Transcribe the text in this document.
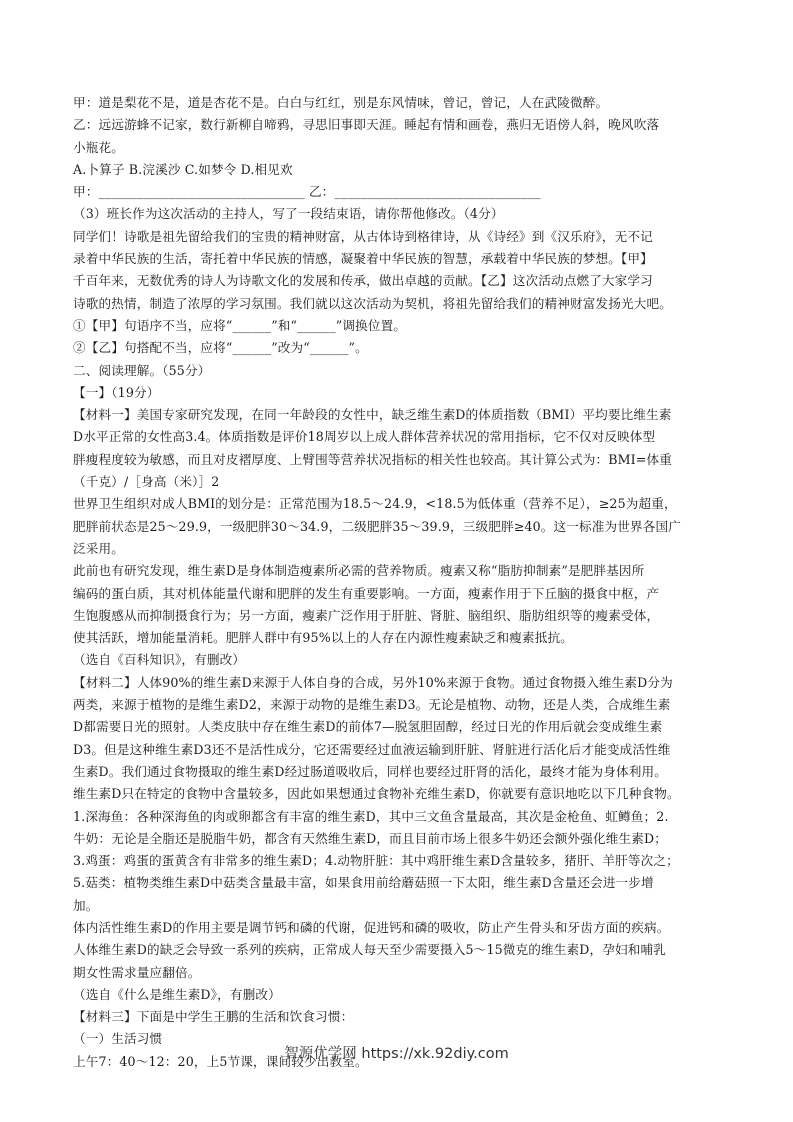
甲：道是梨花不是，道是杏花不是。白白与红红，别是东风情味，曾记，曾记，人在武陵微醉。

乙：远远游蜂不记家，数行新柳自啼鸦，寻思旧事即天涯。睡起有情和画卷，燕归无语傍人斜，晚风吹落

小瓶花。

A.卜算子 B.浣溪沙 C.如梦令 D.相见欢

甲：________________________________ 乙：________________________________

（3）班长作为这次活动的主持人，写了一段结束语，请你帮他修改。（4分）

同学们！诗歌是祖先留给我们的宝贵的精神财富，从古体诗到格律诗，从《诗经》到《汉乐府》，无不记

录着中华民族的生活，寄托着中华民族的情感，凝聚着中华民族的智慧，承载着中华民族的梦想。【甲】

千百年来，无数优秀的诗人为诗歌文化的发展和传承，做出卓越的贡献。【乙】这次活动点燃了大家学习

诗歌的热情，制造了浓厚的学习氛围。我们就以这次活动为契机，将祖先留给我们的精神财富发扬光大吧。

①【甲】句语序不当，应将“______”和“______”调换位置。

②【乙】句搭配不当，应将“______”改为“______”。

二、阅读理解。（55分）

【一】（19分）

【材料一】美国专家研究发现，在同一年龄段的女性中，缺乏维生素D的体质指数（BMI）平均要比维生素

D水平正常的女性高3.4。体质指数是评价18周岁以上成人群体营养状况的常用指标，它不仅对反映体型

胖瘦程度较为敏感，而且对皮褶厚度、上臂围等营养状况指标的相关性也较高。其计算公式为：BMI=体重

（千克）/［身高（米）］2

世界卫生组织对成人BMI的划分是：正常范围为18.5～24.9，<18.5为低体重（营养不足），≥25为超重，

肥胖前状态是25～29.9，一级肥胖30～34.9，二级肥胖35～39.9，三级肥胖≥40。这一标准为世界各国广

泛采用。

此前也有研究发现，维生素D是身体制造瘦素所必需的营养物质。瘦素又称“脂肪抑制素”是肥胖基因所

编码的蛋白质，其对机体能量代谢和肥胖的发生有重要影响。一方面，瘦素作用于下丘脑的摄食中枢，产

生饱腹感从而抑制摄食行为；另一方面，瘦素广泛作用于肝脏、肾脏、脑组织、脂肪组织等的瘦素受体，

使其活跃，增加能量消耗。肥胖人群中有95%以上的人存在内源性瘦素缺乏和瘦素抵抗。

（选自《百科知识》，有删改）

【材料二】人体90%的维生素D来源于人体自身的合成，另外10%来源于食物。通过食物摄入维生素D分为

两类，来源于植物的是维生素D2，来源于动物的是维生素D3。无论是植物、动物，还是人类，合成维生素

D都需要日光的照射。人类皮肤中存在维生素D的前体7—脱氢胆固醇，经过日光的作用后就会变成维生素

D3。但是这种维生素D3还不是活性成分，它还需要经过血液运输到肝脏、肾脏进行活化后才能变成活性维

生素D。我们通过食物摄取的维生素D经过肠道吸收后，同样也要经过肝肾的活化，最终才能为身体利用。

维生素D只在特定的食物中含量较多，因此如果想通过食物补充维生素D，你就要有意识地吃以下几种食物。

1.深海鱼：各种深海鱼的肉或卵都含有丰富的维生素D，其中三文鱼含量最高，其次是金枪鱼、虹鳟鱼；2.

牛奶：无论是全脂还是脱脂牛奶，都含有天然维生素D，而且目前市场上很多牛奶还会额外强化维生素D；

3.鸡蛋：鸡蛋的蛋黄含有非常多的维生素D；4.动物肝脏：其中鸡肝维生素D含量较多，猪肝、羊肝等次之；

5.菇类：植物类维生素D中菇类含量最丰富，如果食用前给蘑菇照一下太阳，维生素D含量还会进一步增

加。

体内活性维生素D的作用主要是调节钙和磷的代谢，促进钙和磷的吸收，防止产生骨头和牙齿方面的疾病。

人体维生素D的缺乏会导致一系列的疾病，正常成人每天至少需要摄入5～15微克的维生素D，孕妇和哺乳

期女性需求量应翻倍。

（选自《什么是维生素D》，有删改）

【材料三】下面是中学生王鹏的生活和饮食习惯：

（一）生活习惯

上午7：40～12：20，上5节课，课间较少出教室。

智源优学网 https://xk.92diy.com
